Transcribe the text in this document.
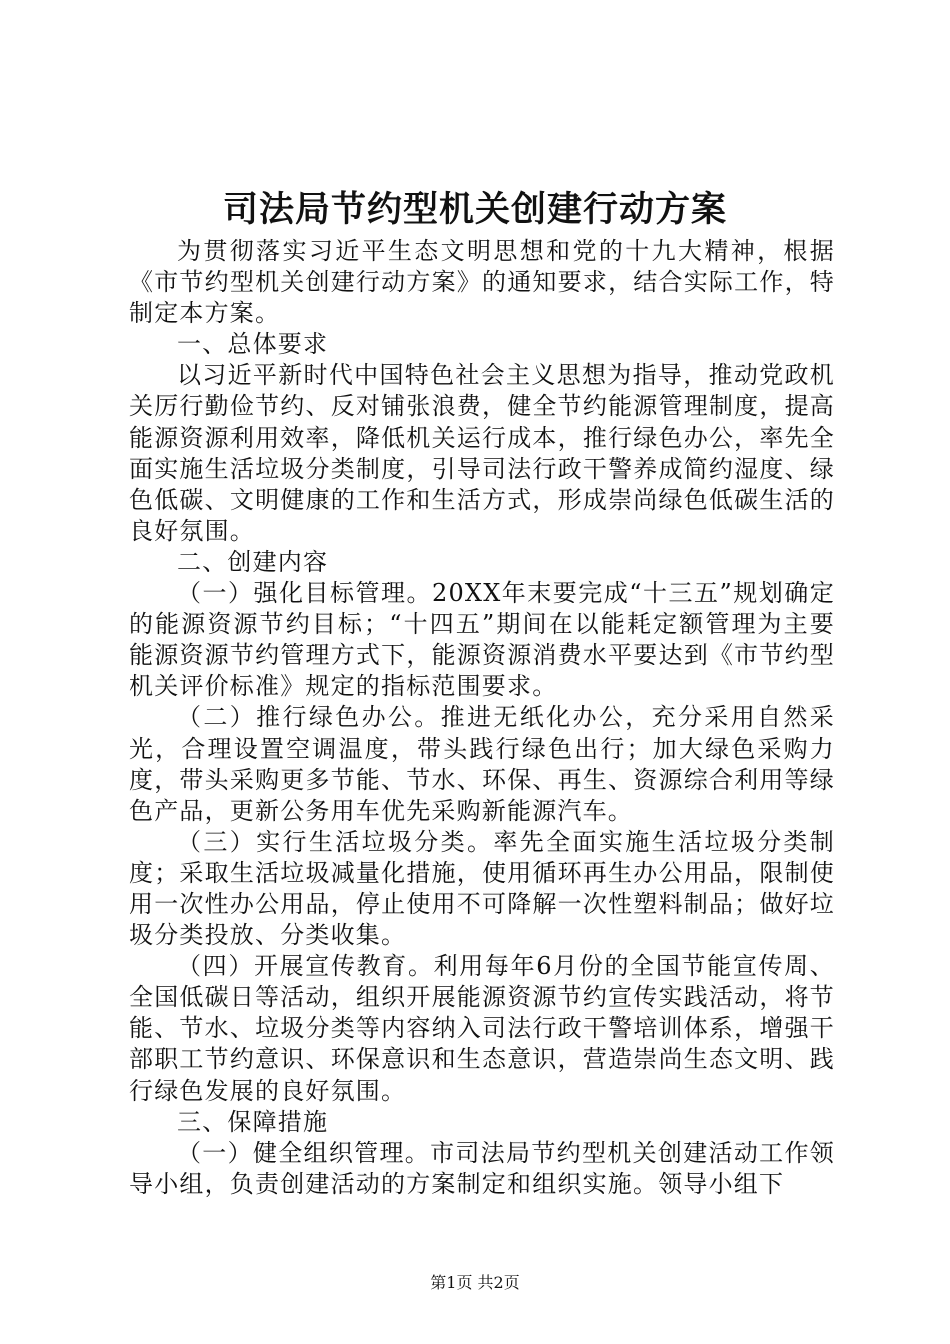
司法局节约型机关创建行动方案

为贯彻落实习近平生态文明思想和党的十九大精神，根据《市节约型机关创建行动方案》的通知要求，结合实际工作，特制定本方案。

一、总体要求

以习近平新时代中国特色社会主义思想为指导，推动党政机关厉行勤俭节约、反对铺张浪费，健全节约能源管理制度，提高能源资源利用效率，降低机关运行成本，推行绿色办公，率先全面实施生活垃圾分类制度，引导司法行政干警养成简约湿度、绿色低碳、文明健康的工作和生活方式，形成崇尚绿色低碳生活的良好氛围。

二、创建内容

（一）强化目标管理。20XX年末要完成“十三五”规划确定的能源资源节约目标；“十四五”期间在以能耗定额管理为主要能源资源节约管理方式下，能源资源消费水平要达到《市节约型机关评价标准》规定的指标范围要求。

（二）推行绿色办公。推进无纸化办公，充分采用自然采光，合理设置空调温度，带头践行绿色出行；加大绿色采购力度，带头采购更多节能、节水、环保、再生、资源综合利用等绿色产品，更新公务用车优先采购新能源汽车。

（三）实行生活垃圾分类。率先全面实施生活垃圾分类制度；采取生活垃圾减量化措施，使用循环再生办公用品，限制使用一次性办公用品，停止使用不可降解一次性塑料制品；做好垃圾分类投放、分类收集。

（四）开展宣传教育。利用每年6月份的全国节能宣传周、全国低碳日等活动，组织开展能源资源节约宣传实践活动，将节能、节水、垃圾分类等内容纳入司法行政干警培训体系，增强干部职工节约意识、环保意识和生态意识，营造崇尚生态文明、践行绿色发展的良好氛围。

三、保障措施

（一）健全组织管理。市司法局节约型机关创建活动工作领导小组，负责创建活动的方案制定和组织实施。领导小组下

第1页 共2页
